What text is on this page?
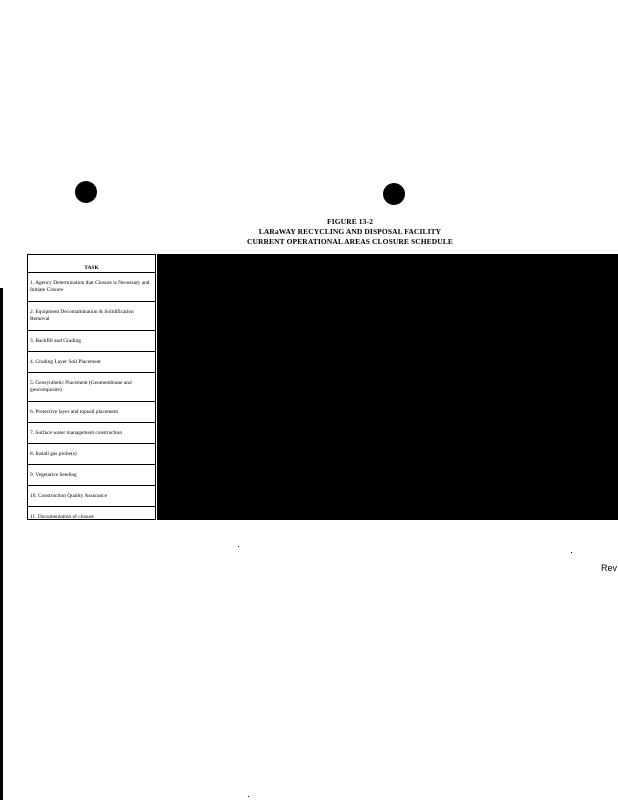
FIGURE 13-2
LARaWAY RECYCLING AND DISPOSAL FACILITY
CURRENT OPERATIONAL AREAS CLOSURE SCHEDULE
TASK
1. Agency Determination that Closure is Necessary and Initiate Closure
2. Equipment Decontamination & Solidification Removal
3. Backfill and Grading
4. Grading Layer Soil Placement
5. Geosynthetic Placement (Geomembrane and geocomposite)
6. Protective layer and topsoil placement
7. Surface water management construction
8. Install gas probe(s)
9. Vegetative Seeding
10. Construction Quality Assurance
11. Documentation of closure
Rev
